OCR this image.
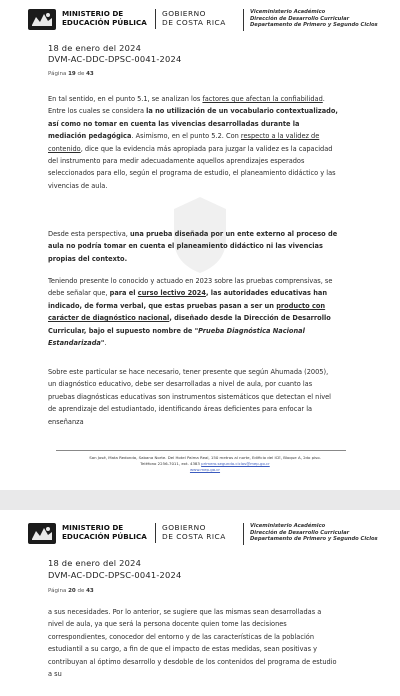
MINISTERIO DE
EDUCACIÓN PÚBLICA
GOBIERNO
DE COSTA RICA
Viceministerio Académico
Dirección de Desarrollo Curricular
Departamento de Primero y Segundo Ciclos
18 de enero del 2024
DVM-AC-DDC-DPSC-0041-2024
Página 19 de 43

En tal sentido, en el punto 5.1, se analizan los factores que afectan la confiabilidad. Entre los cuales se considera la no utilización de un vocabulario contextualizado, así como no tomar en cuenta las vivencias desarrolladas durante la mediación pedagógica. Asimismo, en el punto 5.2. Con respecto a la validez de contenido, dice que la evidencia más apropiada para juzgar la validez es la capacidad del instrumento para medir adecuadamente aquellos aprendizajes esperados seleccionados para ello, según el programa de estudio, el planeamiento didáctico y las vivencias de aula.

Desde esta perspectiva, una prueba diseñada por un ente externo al proceso de aula no podría tomar en cuenta el planeamiento didáctico ni las vivencias propias del contexto.

Teniendo presente lo conocido y actuado en 2023 sobre las pruebas comprensivas, se debe señalar que, para el curso lectivo 2024, las autoridades educativas han indicado, de forma verbal, que estas pruebas pasan a ser un producto con carácter de diagnóstico nacional, diseñado desde la Dirección de Desarrollo Curricular, bajo el supuesto nombre de "Prueba Diagnóstica Nacional Estandarizada".

Sobre este particular se hace necesario, tener presente que según Ahumada (2005), un diagnóstico educativo, debe ser desarrolladas a nivel de aula, por cuanto las pruebas diagnósticas educativas son instrumentos sistemáticos que detectan el nivel de aprendizaje del estudiantado, identificando áreas deficientes para enfocar la enseñanza

San José, Mata Redonda, Sabana Norte. Del Hotel Palma Real, 150 metros al norte, Edificio del ICE, Bloque A, 2do piso.
Teléfono 2256-7011, ext. 4383 primero.segundo.ciclos@mep.go.cr
www.mep.go.cr
MINISTERIO DE
EDUCACIÓN PÚBLICA
GOBIERNO
DE COSTA RICA
Viceministerio Académico
Dirección de Desarrollo Curricular
Departamento de Primero y Segundo Ciclos
18 de enero del 2024
DVM-AC-DDC-DPSC-0041-2024
Página 20 de 43

a sus necesidades. Por lo anterior, se sugiere que las mismas sean desarrolladas a nivel de aula, ya que será la persona docente quien tome las decisiones correspondientes, conocedor del entorno y de las características de la población estudiantil a su cargo, a fin de que el impacto de estas medidas, sean positivas y contribuyan al óptimo desarrollo y desdoble de los contenidos del programa de estudio a su
